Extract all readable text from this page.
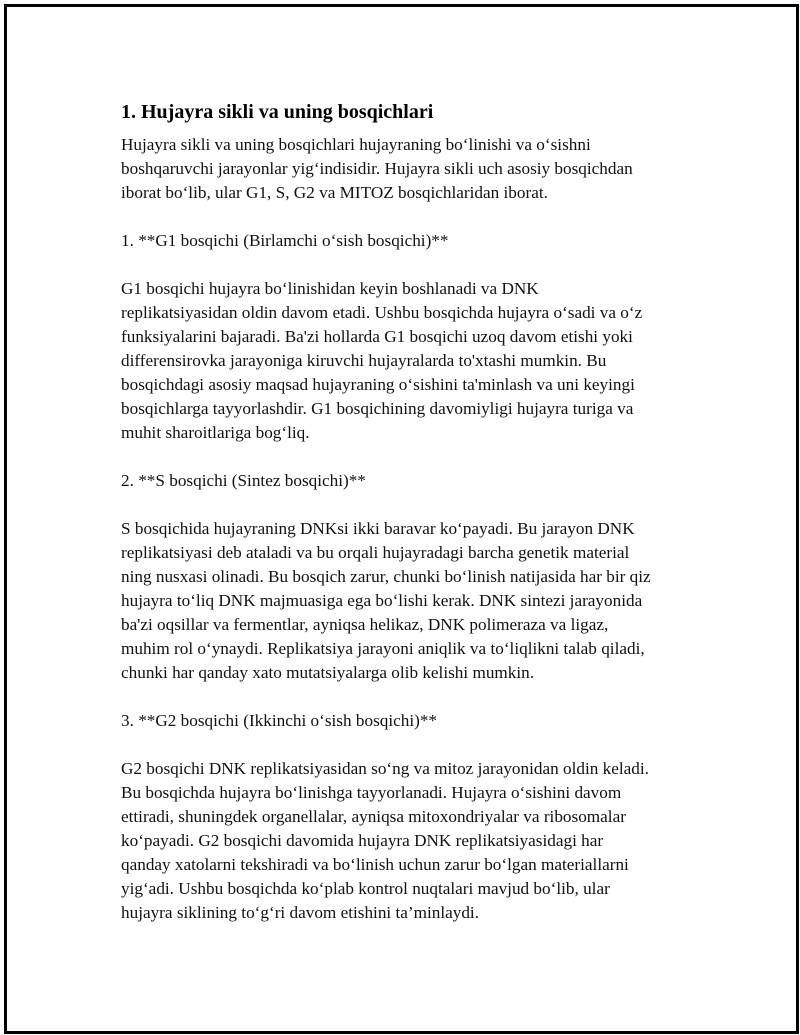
1. Hujayra sikli va uning bosqichlari

Hujayra sikli va uning bosqichlari hujayraning bo‘linishi va o‘sishni
boshqaruvchi jarayonlar yig‘indisidir. Hujayra sikli uch asosiy bosqichdan
iborat bo‘lib, ular G1, S, G2 va MITOZ bosqichlaridan iborat.

1. **G1 bosqichi (Birlamchi o‘sish bosqichi)**

G1 bosqichi hujayra bo‘linishidan keyin boshlanadi va DNK
replikatsiyasidan oldin davom etadi. Ushbu bosqichda hujayra o‘sadi va o‘z
funksiyalarini bajaradi. Ba'zi hollarda G1 bosqichi uzoq davom etishi yoki
differensirovka jarayoniga kiruvchi hujayralarda to'xtashi mumkin. Bu
bosqichdagi asosiy maqsad hujayraning o‘sishini ta'minlash va uni keyingi
bosqichlarga tayyorlashdir. G1 bosqichining davomiyligi hujayra turiga va
muhit sharoitlariga bog‘liq.

2. **S bosqichi (Sintez bosqichi)**

S bosqichida hujayraning DNKsi ikki baravar ko‘payadi. Bu jarayon DNK
replikatsiyasi deb ataladi va bu orqali hujayradagi barcha genetik material
ning nusxasi olinadi. Bu bosqich zarur, chunki bo‘linish natijasida har bir qiz
hujayra to‘liq DNK majmuasiga ega bo‘lishi kerak. DNK sintezi jarayonida
ba'zi oqsillar va fermentlar, ayniqsa helikaz, DNK polimeraza va ligaz,
muhim rol o‘ynaydi. Replikatsiya jarayoni aniqlik va to‘liqlikni talab qiladi,
chunki har qanday xato mutatsiyalarga olib kelishi mumkin.

3. **G2 bosqichi (Ikkinchi o‘sish bosqichi)**

G2 bosqichi DNK replikatsiyasidan so‘ng va mitoz jarayonidan oldin keladi.
Bu bosqichda hujayra bo‘linishga tayyorlanadi. Hujayra o‘sishini davom
ettiradi, shuningdek organellalar, ayniqsa mitoxondriyalar va ribosomalar
ko‘payadi. G2 bosqichi davomida hujayra DNK replikatsiyasidagi har
qanday xatolarni tekshiradi va bo‘linish uchun zarur bo‘lgan materiallarni
yig‘adi. Ushbu bosqichda ko‘plab kontrol nuqtalari mavjud bo‘lib, ular
hujayra siklining to‘g‘ri davom etishini ta’minlaydi.
